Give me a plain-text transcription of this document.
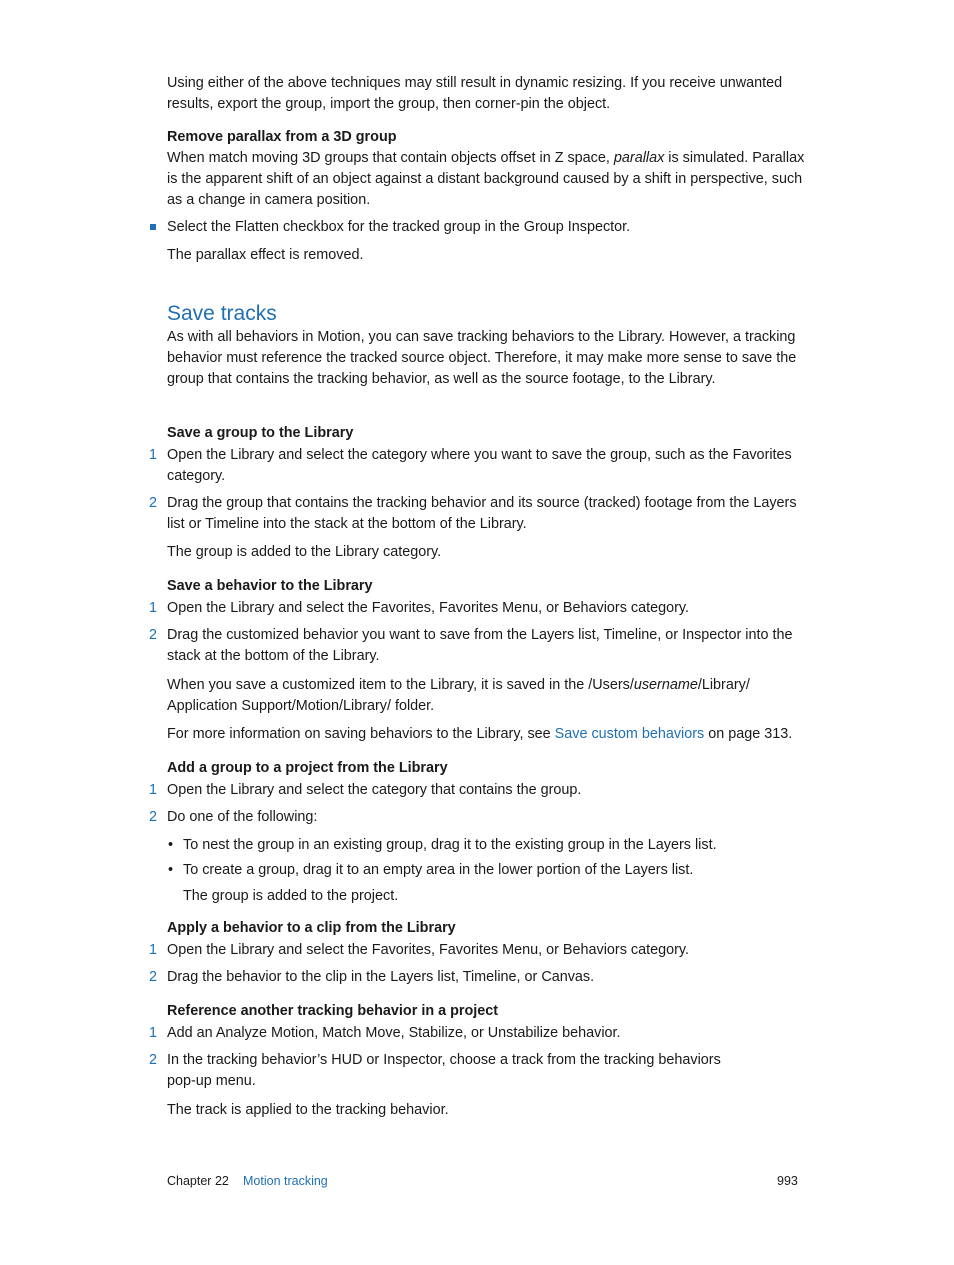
Using either of the above techniques may still result in dynamic resizing. If you receive unwanted results, export the group, import the group, then corner-pin the object.

Remove parallax from a 3D group

When match moving 3D groups that contain objects offset in Z space, parallax is simulated. Parallax is the apparent shift of an object against a distant background caused by a shift in perspective, such as a change in camera position.

Select the Flatten checkbox for the tracked group in the Group Inspector.

The parallax effect is removed.

Save tracks

As with all behaviors in Motion, you can save tracking behaviors to the Library. However, a tracking behavior must reference the tracked source object. Therefore, it may make more sense to save the group that contains the tracking behavior, as well as the source footage, to the Library.

Save a group to the Library
1 Open the Library and select the category where you want to save the group, such as the Favorites category.

2 Drag the group that contains the tracking behavior and its source (tracked) footage from the Layers list or Timeline into the stack at the bottom of the Library.

The group is added to the Library category.

Save a behavior to the Library
1 Open the Library and select the Favorites, Favorites Menu, or Behaviors category.

2 Drag the customized behavior you want to save from the Layers list, Timeline, or Inspector into the stack at the bottom of the Library.

When you save a customized item to the Library, it is saved in the /Users/username/Library/ Application Support/Motion/Library/ folder.

For more information on saving behaviors to the Library, see Save custom behaviors on page 313.

Add a group to a project from the Library
1 Open the Library and select the category that contains the group.

2 Do one of the following:

• To nest the group in an existing group, drag it to the existing group in the Layers list.

• To create a group, drag it to an empty area in the lower portion of the Layers list.

The group is added to the project.

Apply a behavior to a clip from the Library
1 Open the Library and select the Favorites, Favorites Menu, or Behaviors category.

2 Drag the behavior to the clip in the Layers list, Timeline, or Canvas.

Reference another tracking behavior in a project
1 Add an Analyze Motion, Match Move, Stabilize, or Unstabilize behavior.

2 In the tracking behavior’s HUD or Inspector, choose a track from the tracking behaviors pop-up menu.

The track is applied to the tracking behavior.

Chapter 22 Motion tracking	993
